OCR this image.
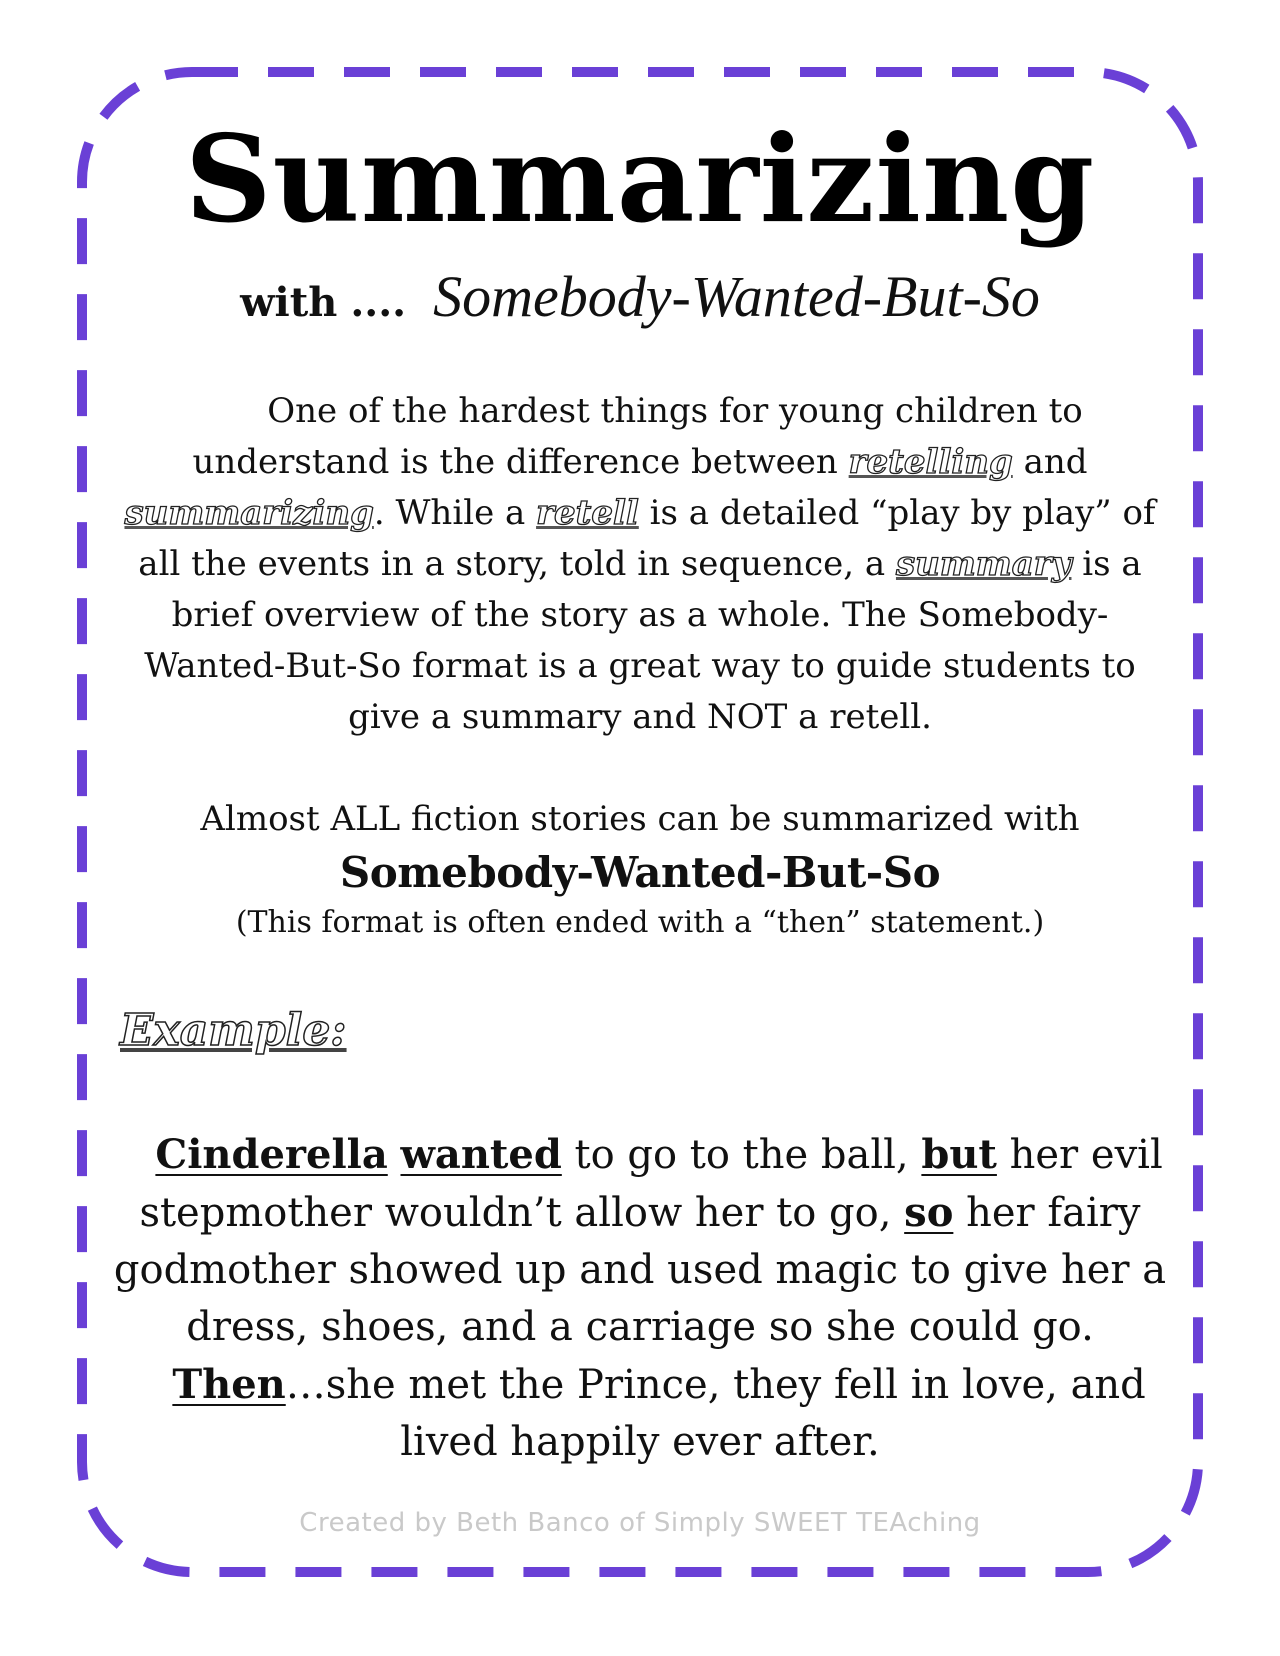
Summarizing
with .... Somebody-Wanted-But-So

One of the hardest things for young children to understand is the difference between retelling and summarizing. While a retell is a detailed “play by play” of all the events in a story, told in sequence, a summary is a brief overview of the story as a whole. The Somebody-Wanted-But-So format is a great way to guide students to give a summary and NOT a retell.

Almost ALL fiction stories can be summarized with
Somebody-Wanted-But-So
(This format is often ended with a “then” statement.)
Example:

Cinderella wanted to go to the ball, but her evil stepmother wouldn’t allow her to go, so her fairy godmother showed up and used magic to give her a dress, shoes, and a carriage so she could go.
Then…she met the Prince, they fell in love, and lived happily ever after.

Created by Beth Banco of Simply SWEET TEAching
